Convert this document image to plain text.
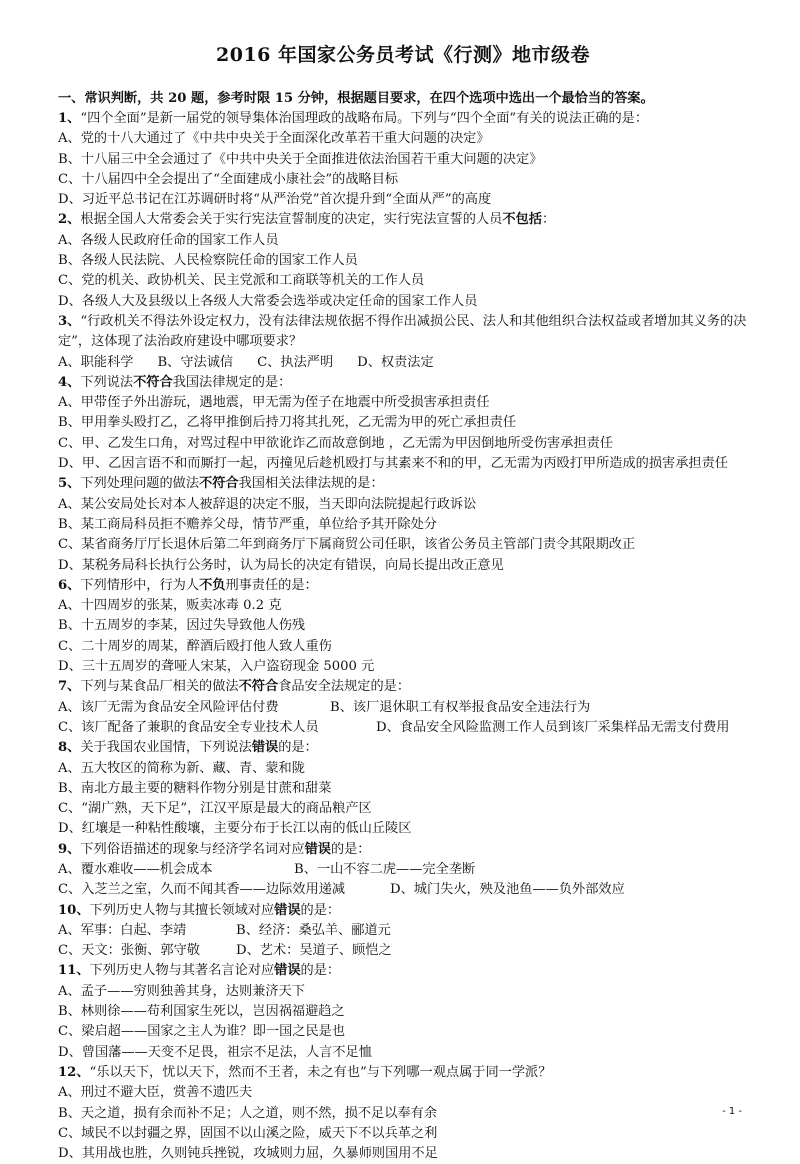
2016 年国家公务员考试《行测》地市级卷
一、常识判断，共 20 题，参考时限 15 分钟，根据题目要求，在四个选项中选出一个最恰当的答案。
1、“四个全面”是新一届党的领导集体治国理政的战略布局。下列与“四个全面”有关的说法正确的是：
A、党的十八大通过了《中共中央关于全面深化改革若干重大问题的决定》
B、十八届三中全会通过了《中共中央关于全面推进依法治国若干重大问题的决定》
C、十八届四中全会提出了“全面建成小康社会”的战略目标
D、习近平总书记在江苏调研时将“从严治党”首次提升到“全面从严”的高度
2、根据全国人大常委会关于实行宪法宣誓制度的决定，实行宪法宣誓的人员不包括：
A、各级人民政府任命的国家工作人员
B、各级人民法院、人民检察院任命的国家工作人员
C、党的机关、政协机关、民主党派和工商联等机关的工作人员
D、各级人大及县级以上各级人大常委会选举或决定任命的国家工作人员
3、“行政机关不得法外设定权力，没有法律法规依据不得作出减损公民、法人和其他组织合法权益或者增加其义务的决定”，这体现了法治政府建设中哪项要求？
A、职能科学 B、守法诚信 C、执法严明 D、权责法定
4、下列说法不符合我国法律规定的是：
A、甲带侄子外出游玩，遇地震，甲无需为侄子在地震中所受损害承担责任
B、甲用拳头殴打乙，乙将甲推倒后持刀将其扎死，乙无需为甲的死亡承担责任
C、甲、乙发生口角，对骂过程中甲欲讹诈乙而故意倒地 ，乙无需为甲因倒地所受伤害承担责任
D、甲、乙因言语不和而厮打一起，丙撞见后趁机殴打与其素来不和的甲，乙无需为丙殴打甲所造成的损害承担责任
5、下列处理问题的做法不符合我国相关法律法规的是：
A、某公安局处长对本人被辞退的决定不服，当天即向法院提起行政诉讼
B、某工商局科员拒不赡养父母，情节严重，单位给予其开除处分
C、某省商务厅厅长退休后第二年到商务厅下属商贸公司任职，该省公务员主管部门责令其限期改正
D、某税务局科长执行公务时，认为局长的决定有错误，向局长提出改正意见
6、下列情形中，行为人不负刑事责任的是：
A、十四周岁的张某，贩卖冰毒 0.2 克
B、十五周岁的李某，因过失导致他人伤残
C、二十周岁的周某，醉酒后殴打他人致人重伤
D、三十五周岁的聋哑人宋某，入户盗窃现金 5000 元
7、下列与某食品厂相关的做法不符合食品安全法规定的是：
A、该厂无需为食品安全风险评估付费	B、该厂退休职工有权举报食品安全违法行为
C、该厂配备了兼职的食品安全专业技术人员	D、食品安全风险监测工作人员到该厂采集样品无需支付费用
8、关于我国农业国情，下列说法错误的是：
A、五大牧区的简称为新、藏、青、蒙和陇
B、南北方最主要的糖料作物分别是甘蔗和甜菜
C、“湖广熟，天下足”，江汉平原是最大的商品粮产区
D、红壤是一种粘性酸壤，主要分布于长江以南的低山丘陵区
9、下列俗语描述的现象与经济学名词对应错误的是：
A、覆水难收——机会成本	B、一山不容二虎——完全垄断
C、入芝兰之室，久而不闻其香——边际效用递减	D、城门失火，殃及池鱼——负外部效应
10、下列历史人物与其擅长领域对应错误的是：
A、军事：白起、李靖	B、经济：桑弘羊、郦道元
C、天文：张衡、郭守敬	D、艺术：吴道子、顾恺之
11、下列历史人物与其著名言论对应错误的是：
A、孟子——穷则独善其身，达则兼济天下
B、林则徐——苟利国家生死以，岂因祸福避趋之
C、梁启超——国家之主人为谁？即一国之民是也
D、曾国藩——天变不足畏，祖宗不足法，人言不足恤
12、“乐以天下，忧以天下，然而不王者，未之有也”与下列哪一观点属于同一学派？
A、刑过不避大臣，赏善不遗匹夫
B、天之道，损有余而补不足；人之道，则不然，损不足以奉有余
C、域民不以封疆之界，固国不以山溪之险，威天下不以兵革之利
D、其用战也胜，久则钝兵挫锐，攻城则力屈，久暴师则国用不足
- 1 -
